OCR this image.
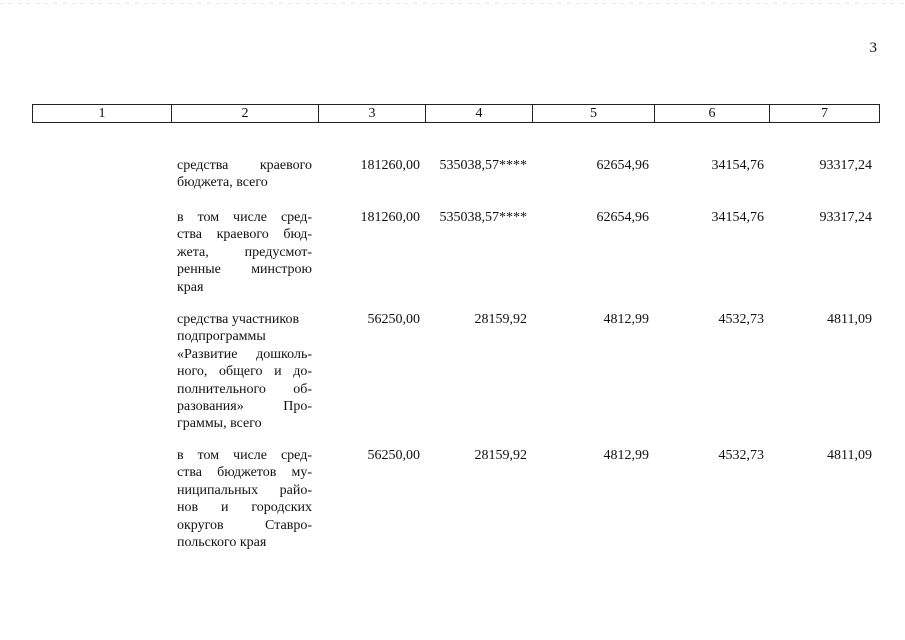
3
1	2	3	4	5	6	7
средства краевого
бюджета, всего
181260,00	535038,57****	62654,96	34154,76	93317,24
в том числе сред-
ства краевого бюд-
жета, предусмот-
ренные минстрою
края
181260,00	535038,57****	62654,96	34154,76	93317,24
средства участников
подпрограммы
«Развитие дошколь-
ного, общего и до-
полнительного об-
разования» Про-
граммы, всего
56250,00	28159,92	4812,99	4532,73	4811,09
в том числе сред-
ства бюджетов му-
ниципальных райо-
нов и городских
округов Ставро-
польского края
56250,00	28159,92	4812,99	4532,73	4811,09
